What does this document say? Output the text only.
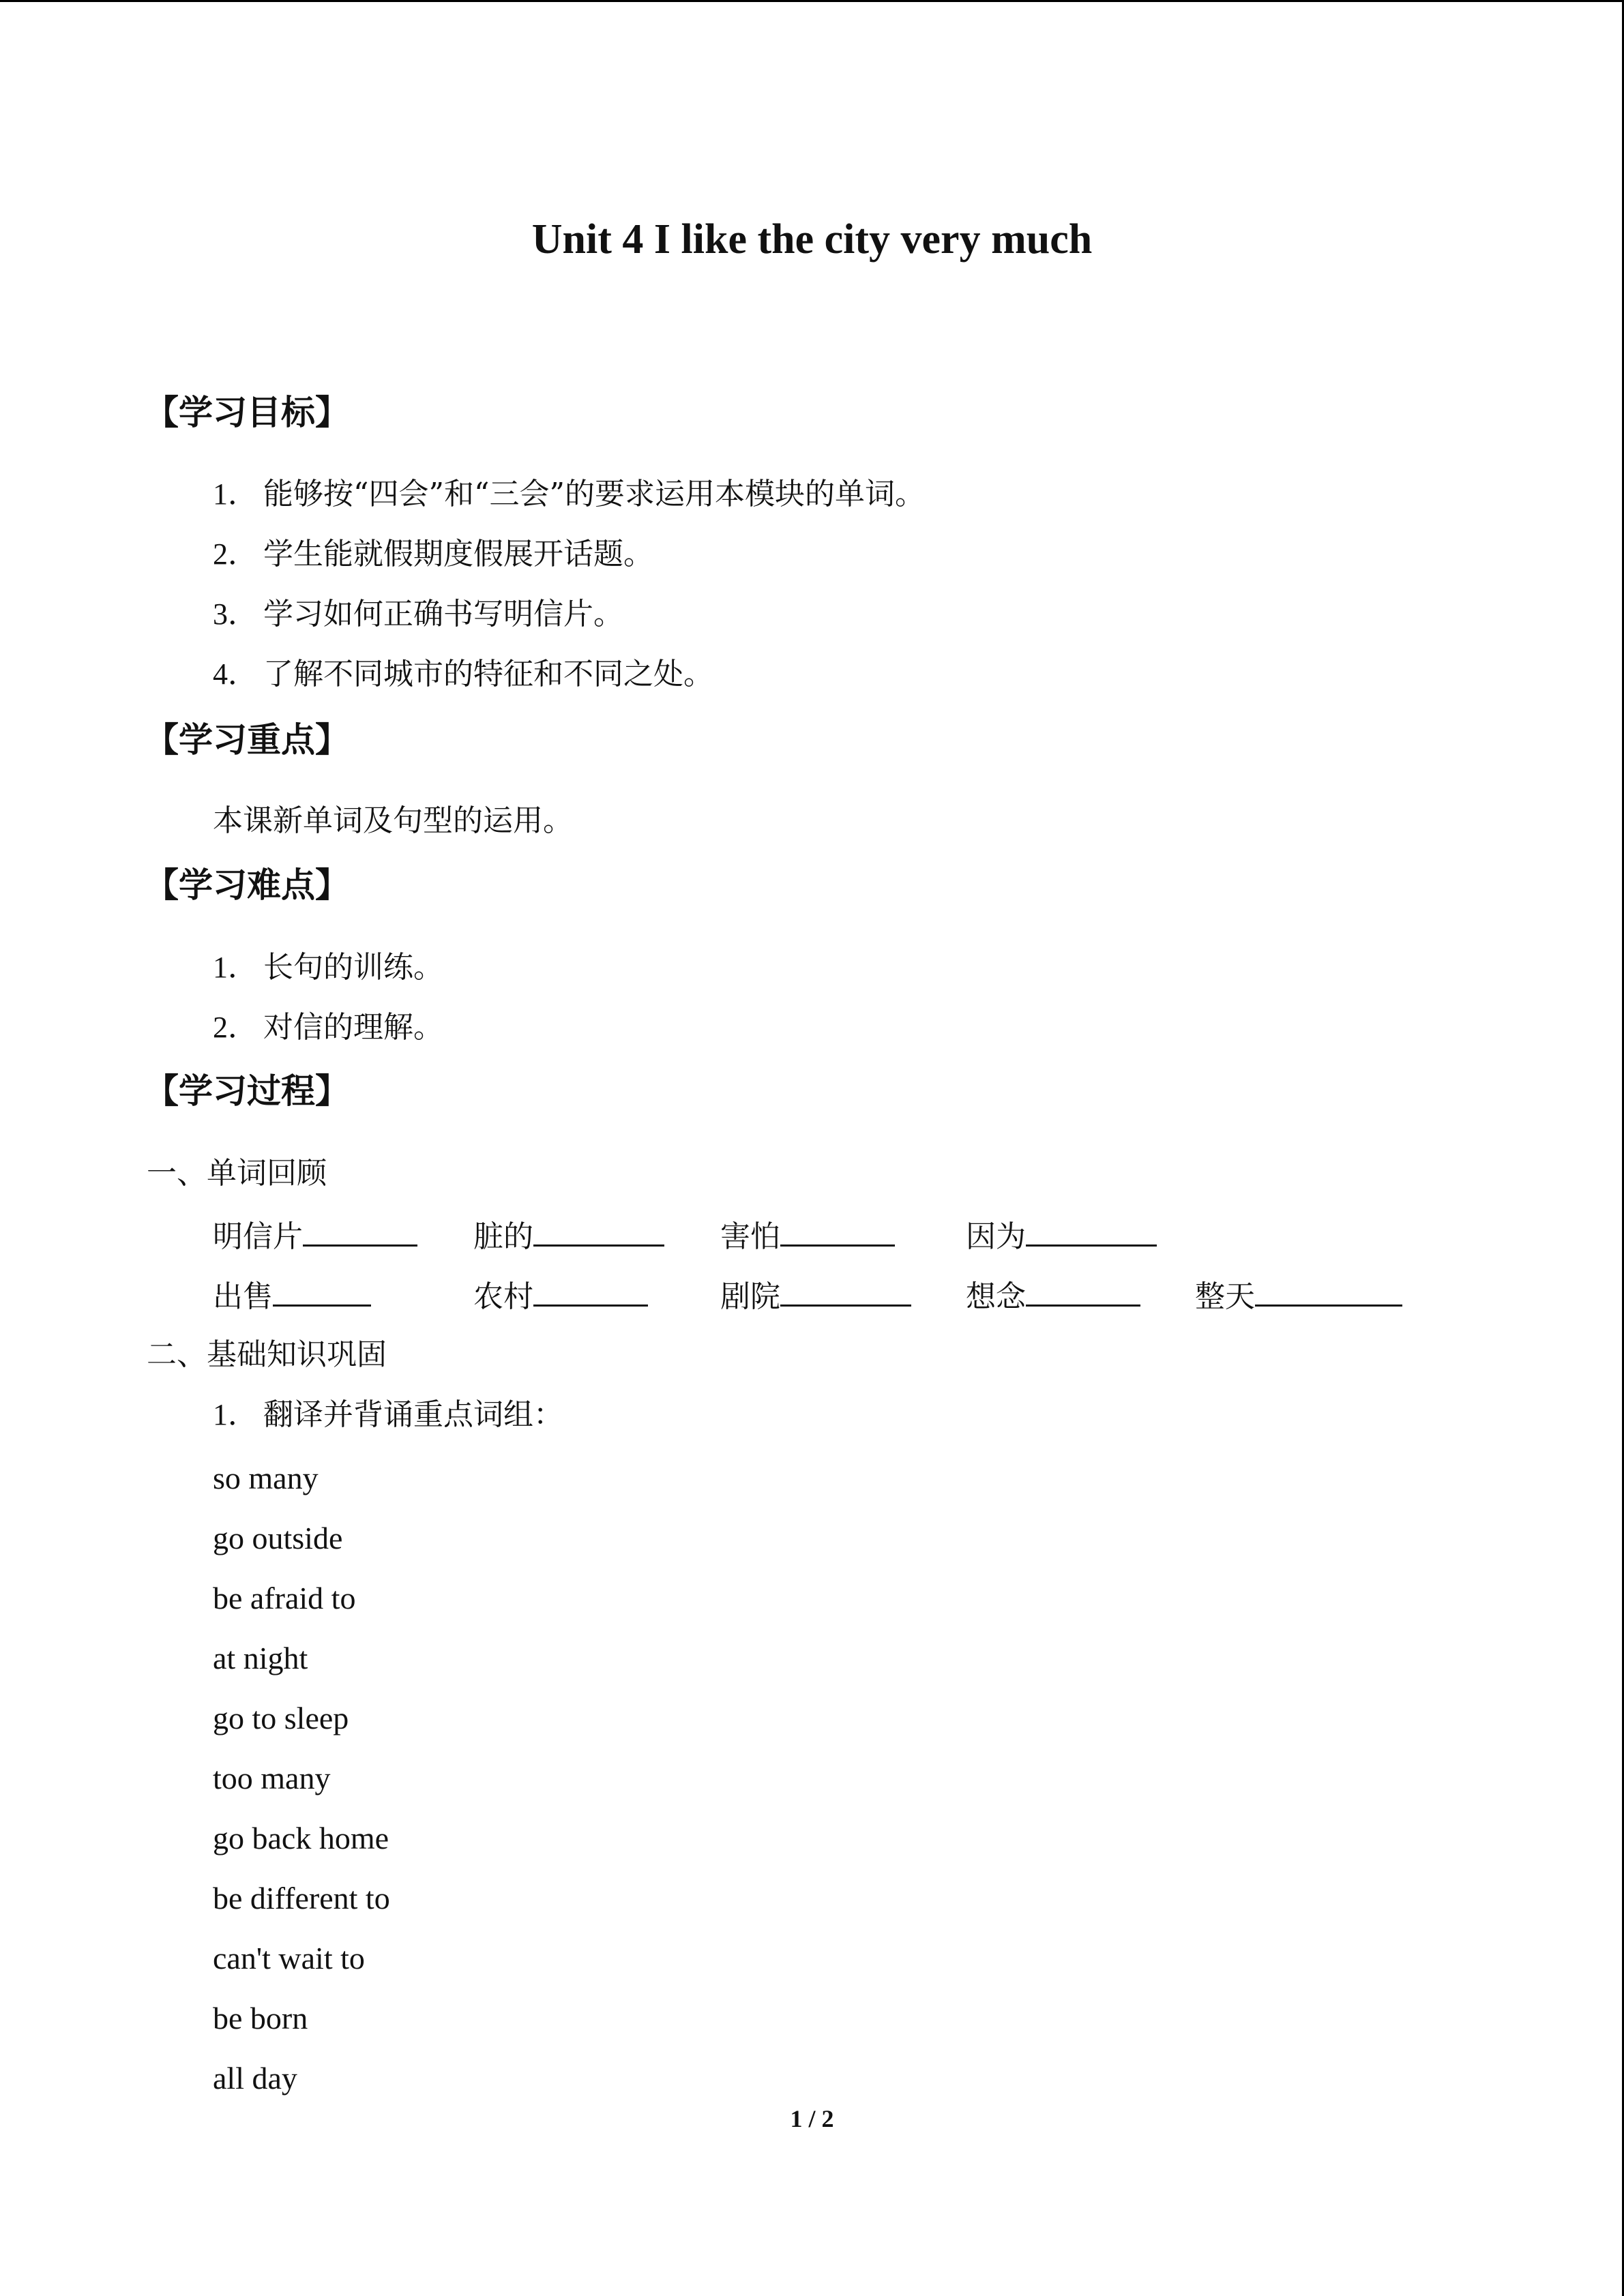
Unit 4 I like the city very much
【学习目标】
1． 能够按“四会”和“三会”的要求运用本模块的单词。
2． 学生能就假期度假展开话题。
3． 学习如何正确书写明信片。
4． 了解不同城市的特征和不同之处。
【学习重点】
本课新单词及句型的运用。
【学习难点】
1． 长句的训练。
2． 对信的理解。
【学习过程】
一、单词回顾
明信片	脏的	害怕	因为
出售	农村	剧院	想念	整天
二、基础知识巩固
1． 翻译并背诵重点词组：
so many
go outside
be afraid to
at night
go to sleep
too many
go back home
be different to
can't wait to
be born
all day
1 / 2
